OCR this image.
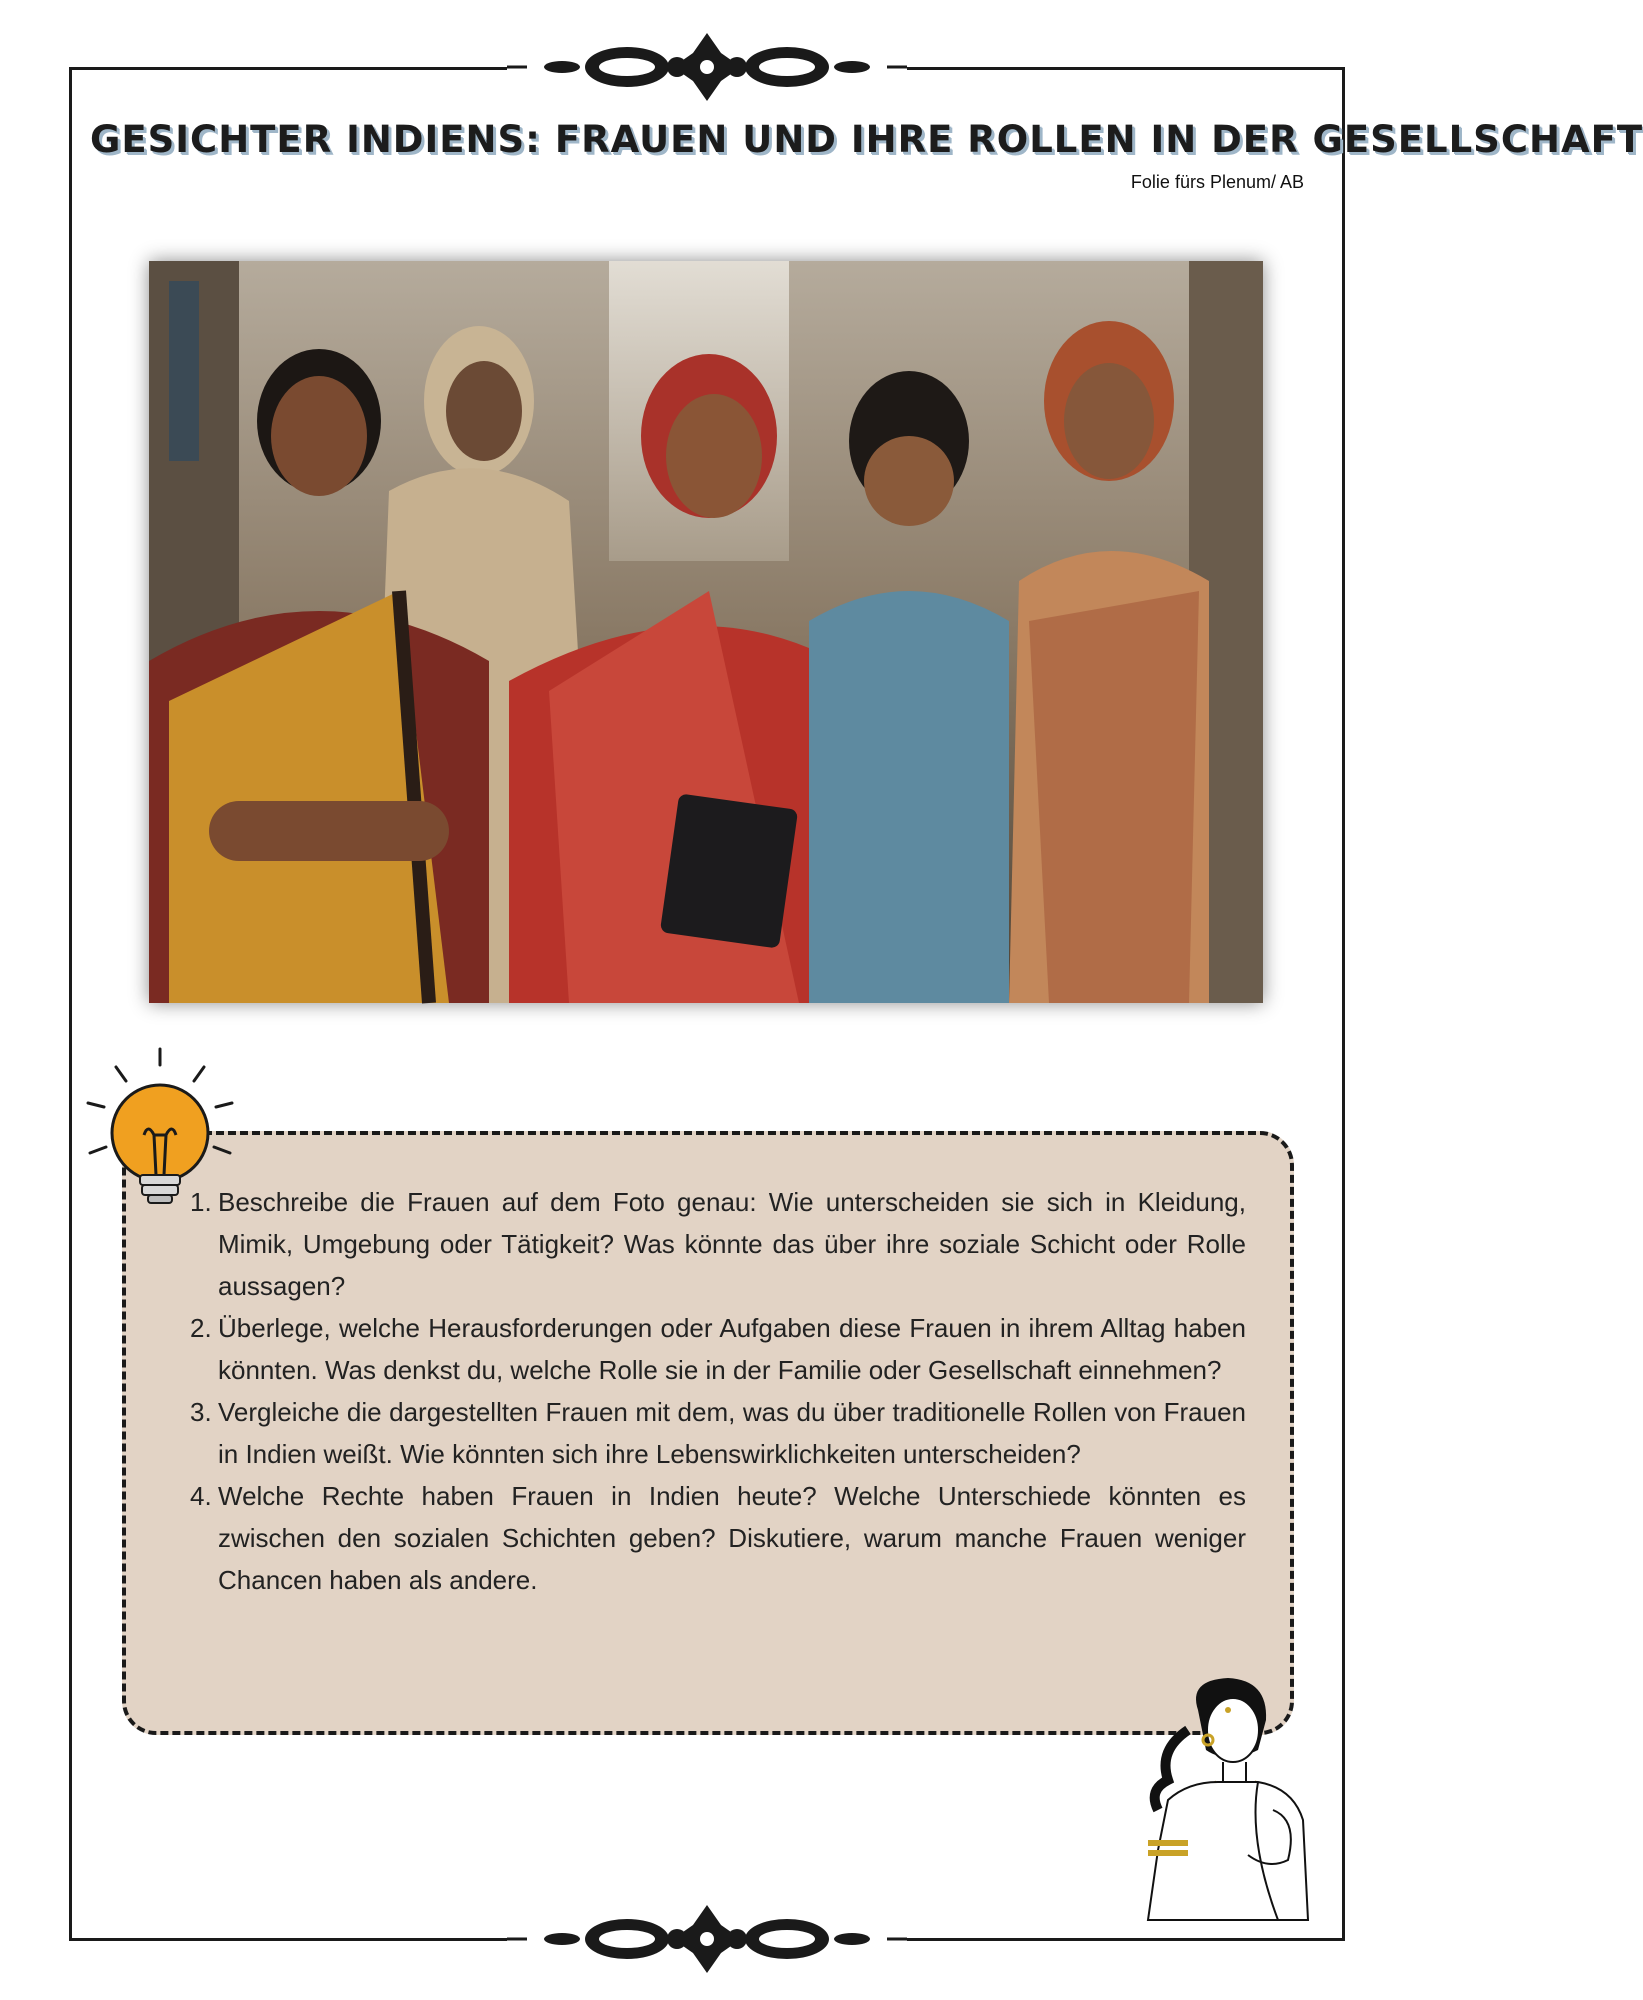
GESICHTER INDIENS: FRAUEN UND IHRE ROLLEN IN DER GESELLSCHAFT
Folie fürs Plenum/ AB
1. Beschreibe die Frauen auf dem Foto genau: Wie unterscheiden sie sich in Kleidung, Mimik, Umgebung oder Tätigkeit? Was könnte das über ihre soziale Schicht oder Rolle aussagen?
2. Überlege, welche Herausforderungen oder Aufgaben diese Frauen in ihrem Alltag haben könnten. Was denkst du, welche Rolle sie in der Familie oder Gesellschaft einnehmen?
3. Vergleiche die dargestellten Frauen mit dem, was du über traditionelle Rollen von Frauen in Indien weißt. Wie könnten sich ihre Lebenswirklichkeiten unterscheiden?
4. Welche Rechte haben Frauen in Indien heute? Welche Unterschiede könnten es zwischen den sozialen Schichten geben? Diskutiere, warum manche Frauen weniger Chancen haben als andere.
